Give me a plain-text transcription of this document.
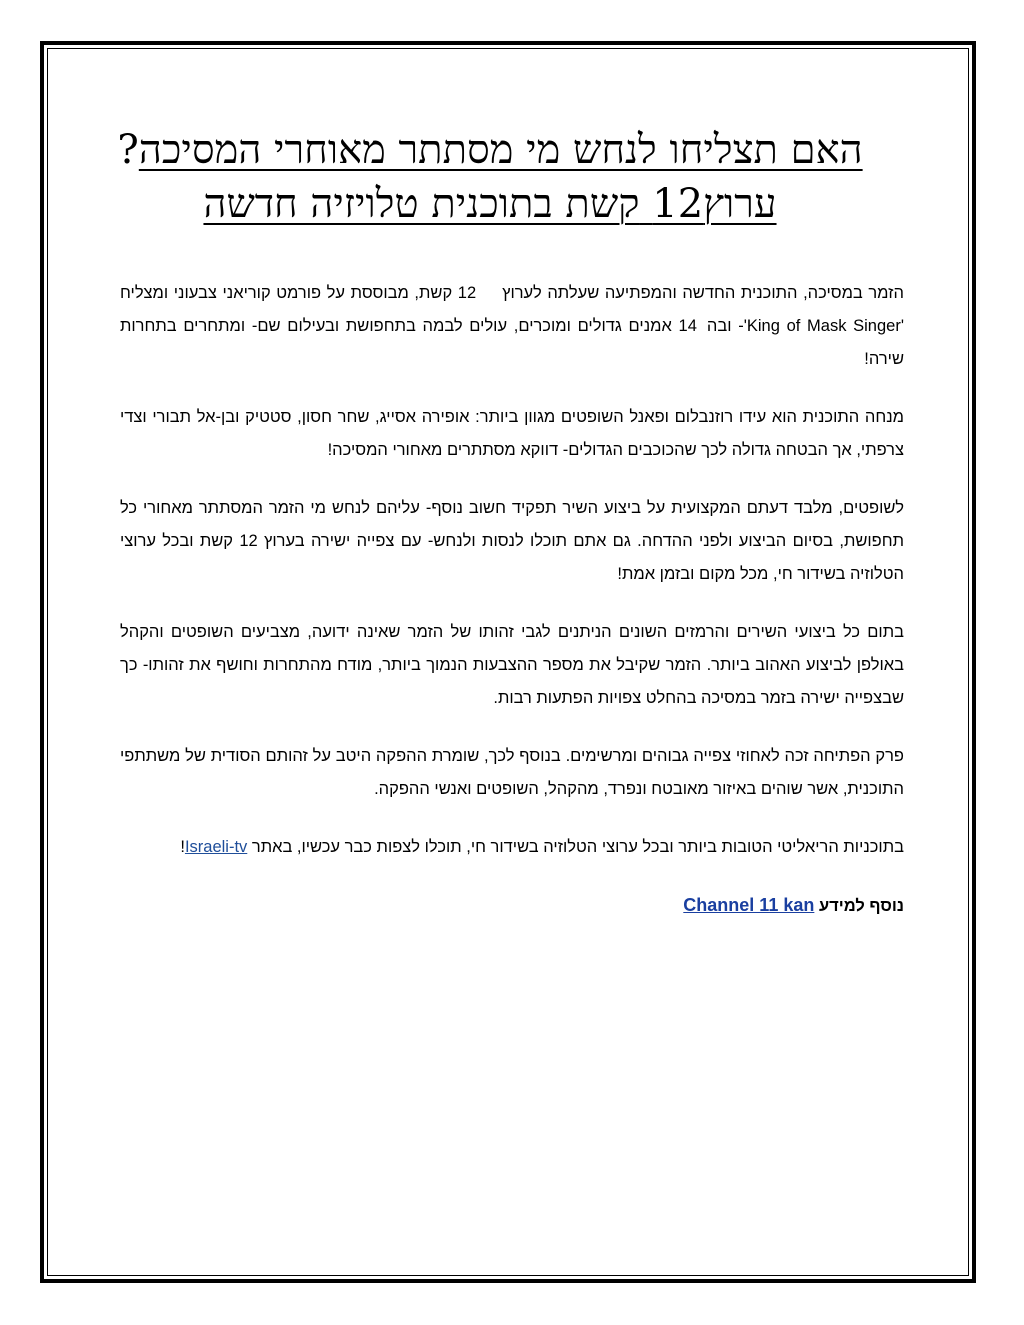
האם תצליחו לנחש מי מסתתר מאוחרי המסיכה?
ערוץ12 קשת בתוכנית טלויזיה חדשה

הזמר במסיכה, התוכנית החדשה והמפתיעה שעלתה לערוץ12 קשת, מבוססת על פורמט קוריאני צבעוני ומצליח 'King of Mask Singer'- ובה14 אמנים גדולים ומוכרים, עולים לבמה בתחפושת ובעילום שם- ומתחרים בתחרות שירה!

מנחה התוכנית הוא עידו רוזנבלום ופאנל השופטים מגוון ביותר: אופירה אסייג, שחר חסון, סטטיק ובן-אל תבורי וצדי צרפתי, אך הבטחה גדולה לכך שהכוכבים הגדולים- דווקא מסתתרים מאחורי המסיכה!

לשופטים, מלבד דעתם המקצועית על ביצוע השיר תפקיד חשוב נוסף- עליהם לנחש מי הזמר המסתתר מאחורי כל תחפושת, בסיום הביצוע ולפני ההדחה. גם אתם תוכלו לנסות ולנחש- עם צפייה ישירה בערוץ 12 קשת ובכל ערוצי הטלוזיה בשידור חי, מכל מקום ובזמן אמת!

בתום כל ביצועי השירים והרמזים השונים הניתנים לגבי זהותו של הזמר שאינה ידועה, מצביעים השופטים והקהל באולפן לביצוע האהוב ביותר. הזמר שקיבל את מספר ההצבעות הנמוך ביותר, מודח מהתחרות וחושף את זהותו- כך שבצפייה ישירה בזמר במסיכה בהחלט צפויות הפתעות רבות.

פרק הפתיחה זכה לאחוזי צפייה גבוהים ומרשימים. בנוסף לכך, שומרת ההפקה היטב על זהותם הסודית של משתתפי התוכנית, אשר שוהים באיזור מאובטח ונפרד, מהקהל, השופטים ואנשי ההפקה.

בתוכניות הריאליטי הטובות ביותר ובכל ערוצי הטלוזיה בשידור חי, תוכלו לצפות כבר עכשיו, באתר Israeli-tv!

נוסף למידע Channel 11 kan
